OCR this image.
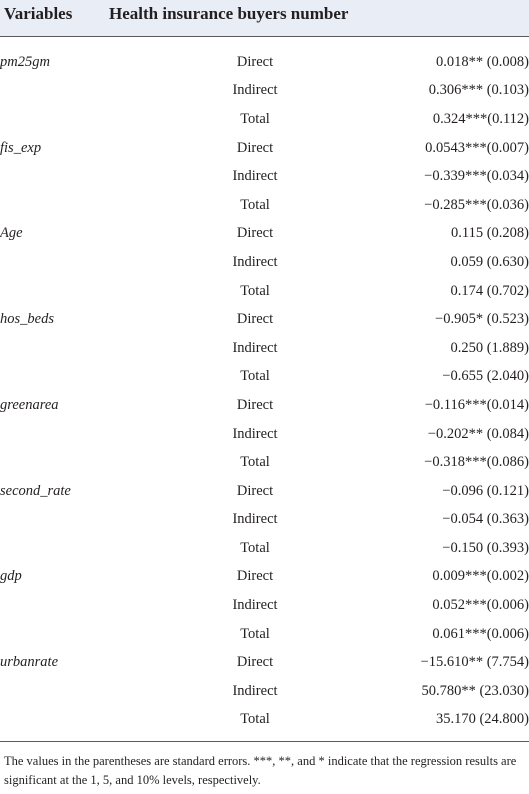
Variables Health insurance buyers number
pm25gm	Direct	0.018** (0.008)
	Indirect	0.306*** (0.103)
	Total	0.324***(0.112)
fis_exp	Direct	0.0543***(0.007)
	Indirect	−0.339***(0.034)
	Total	−0.285***(0.036)
Age	Direct	0.115 (0.208)
	Indirect	0.059 (0.630)
	Total	0.174 (0.702)
hos_beds	Direct	−0.905* (0.523)
	Indirect	0.250 (1.889)
	Total	−0.655 (2.040)
greenarea	Direct	−0.116***(0.014)
	Indirect	−0.202** (0.084)
	Total	−0.318***(0.086)
second_rate	Direct	−0.096 (0.121)
	Indirect	−0.054 (0.363)
	Total	−0.150 (0.393)
gdp	Direct	0.009***(0.002)
	Indirect	0.052***(0.006)
	Total	0.061***(0.006)
urbanrate	Direct	−15.610** (7.754)
	Indirect	50.780** (23.030)
	Total	35.170 (24.800)
The values in the parentheses are standard errors. ***, **, and * indicate that the regression results are significant at the 1, 5, and 10% levels, respectively.
